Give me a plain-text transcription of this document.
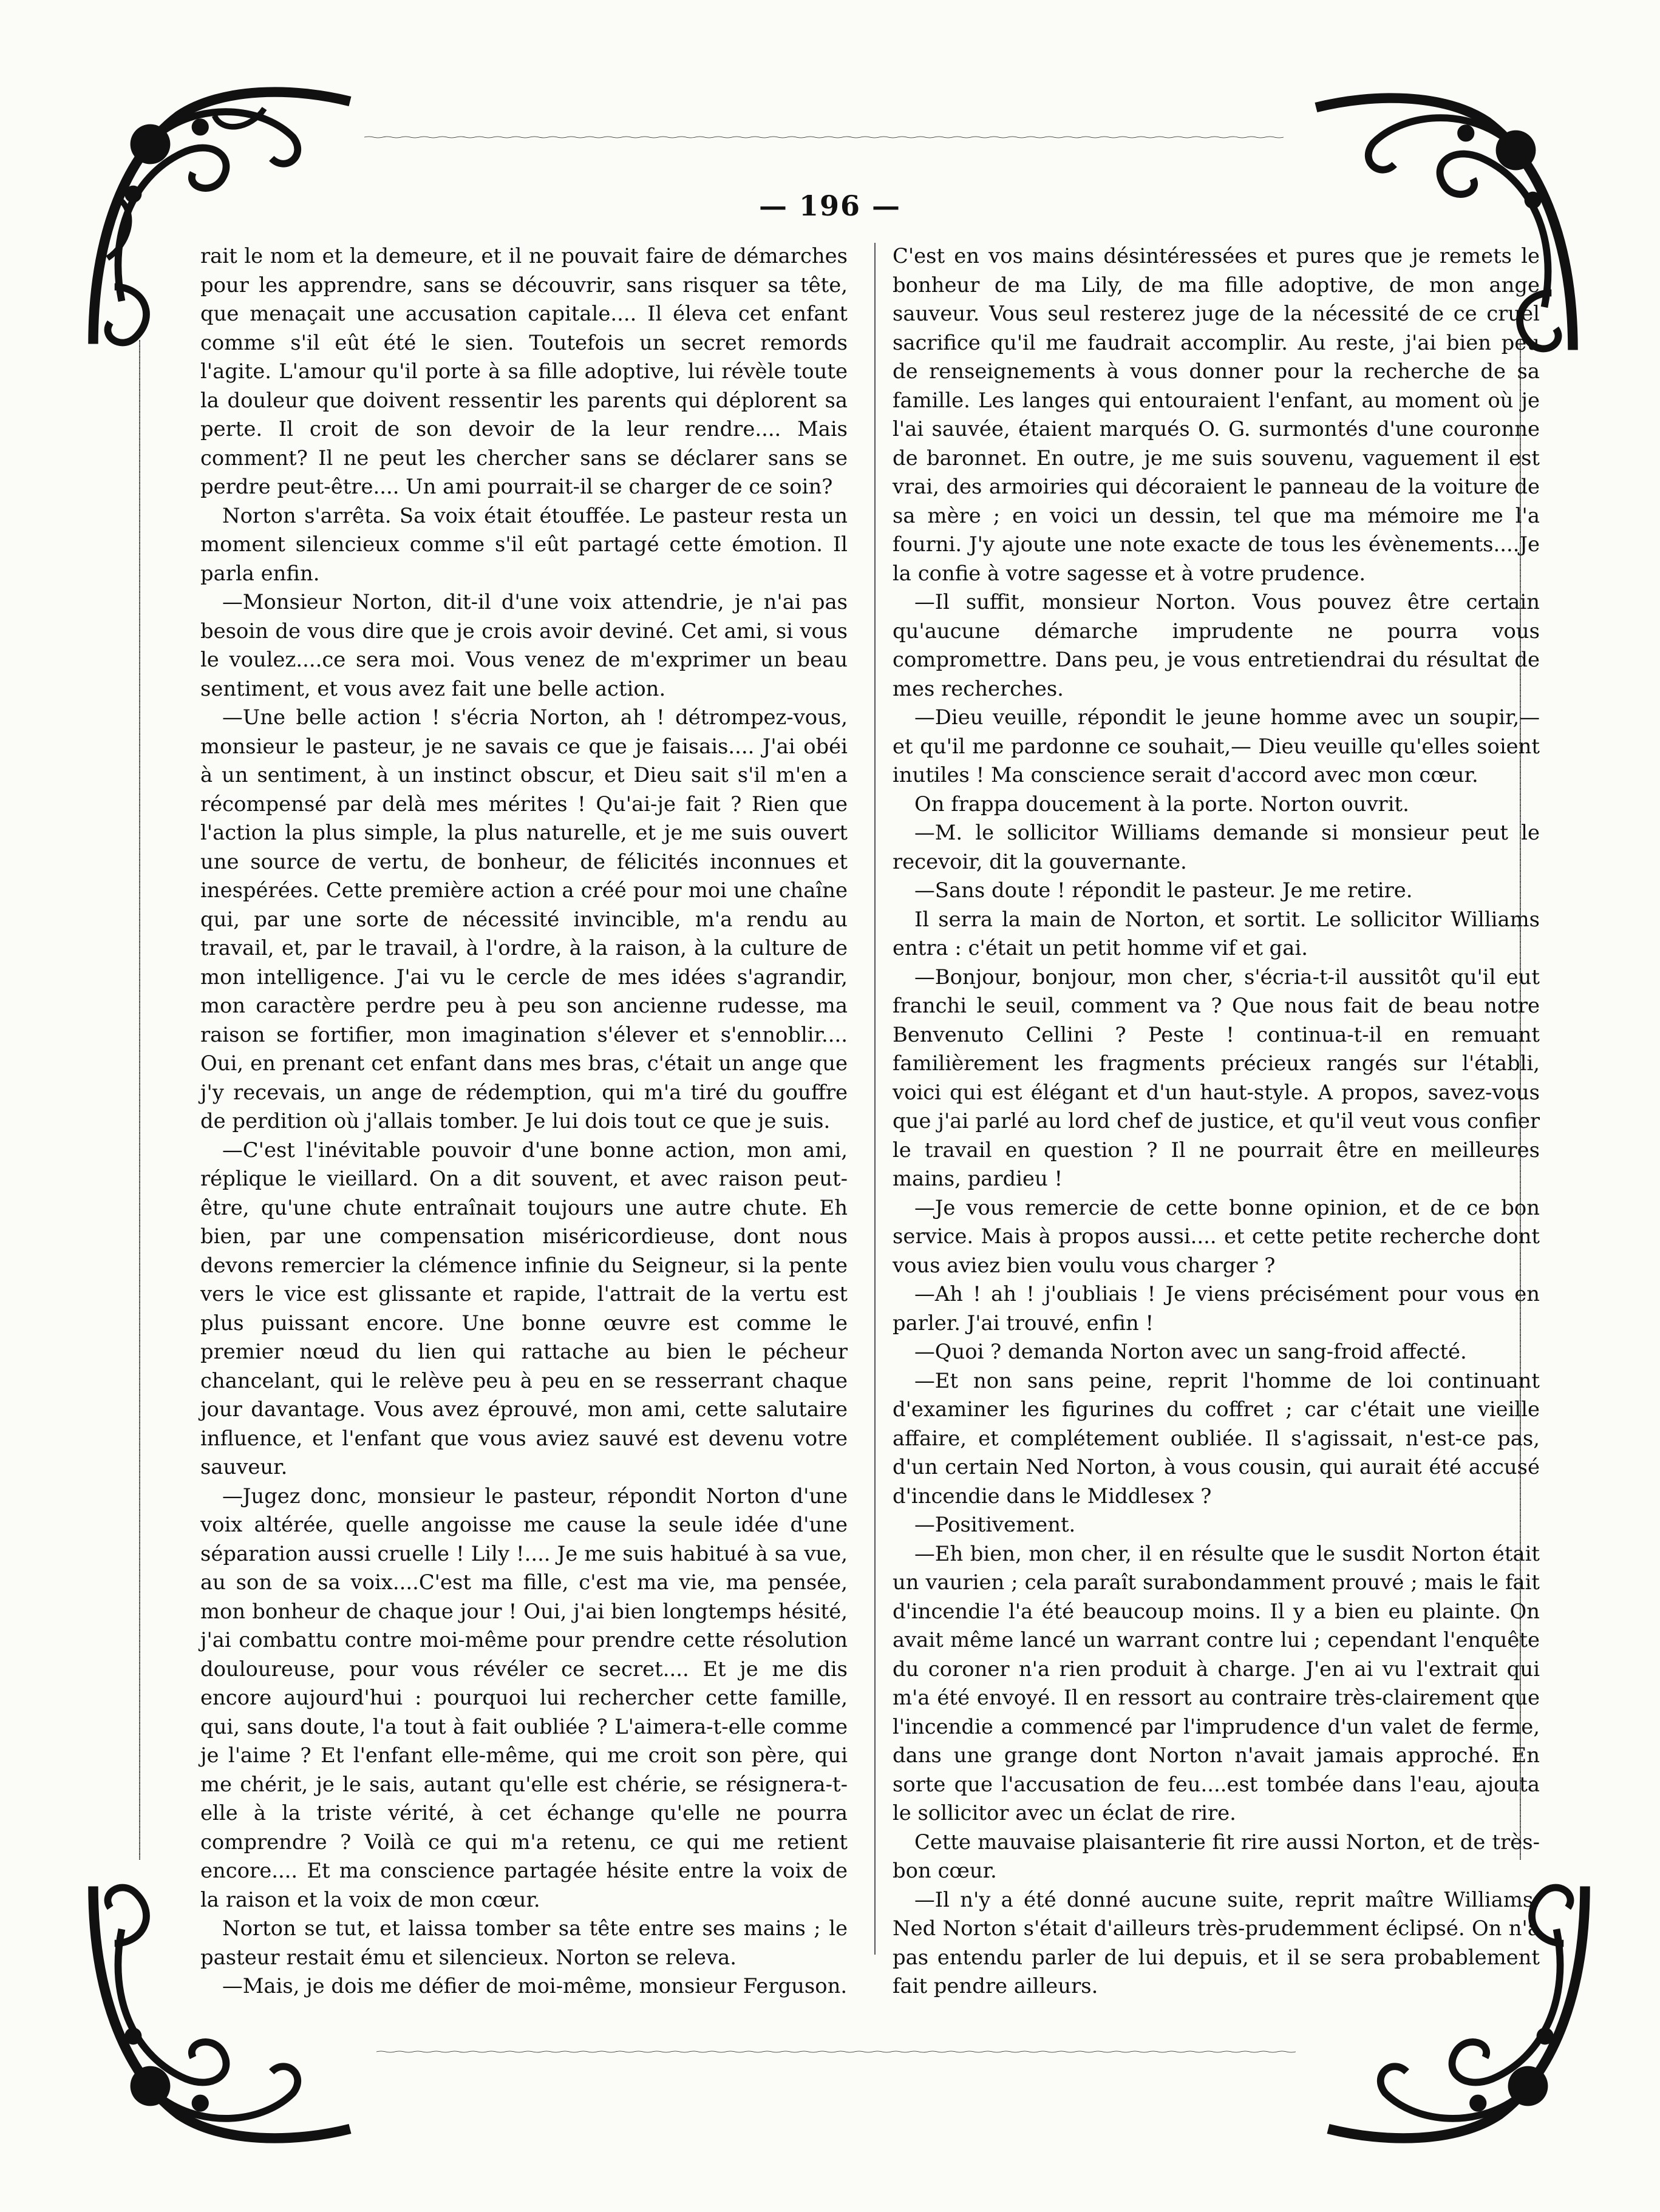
— 196 —

rait le nom et la demeure, et il ne pouvait faire de démarches pour les apprendre, sans se découvrir, sans risquer sa tête, que menaçait une accusation capitale.... Il éleva cet enfant comme s'il eût été le sien. Toutefois un secret remords l'agite. L'amour qu'il porte à sa fille adoptive, lui révèle toute la douleur que doivent ressentir les parents qui déplorent sa perte. Il croit de son devoir de la leur rendre.... Mais comment? Il ne peut les chercher sans se déclarer sans se perdre peut-être.... Un ami pourrait-il se charger de ce soin?

Norton s'arrêta. Sa voix était étouffée. Le pasteur resta un moment silencieux comme s'il eût partagé cette émotion. Il parla enfin.

—Monsieur Norton, dit-il d'une voix attendrie, je n'ai pas besoin de vous dire que je crois avoir deviné. Cet ami, si vous le voulez....ce sera moi. Vous venez de m'exprimer un beau sentiment, et vous avez fait une belle action.

—Une belle action ! s'écria Norton, ah ! détrompez-vous, monsieur le pasteur, je ne savais ce que je faisais.... J'ai obéi à un sentiment, à un instinct obscur, et Dieu sait s'il m'en a récompensé par delà mes mérites ! Qu'ai-je fait ? Rien que l'action la plus simple, la plus naturelle, et je me suis ouvert une source de vertu, de bonheur, de félicités inconnues et inespérées. Cette première action a créé pour moi une chaîne qui, par une sorte de nécessité invincible, m'a rendu au travail, et, par le travail, à l'ordre, à la raison, à la culture de mon intelligence. J'ai vu le cercle de mes idées s'agrandir, mon caractère perdre peu à peu son ancienne rudesse, ma raison se fortifier, mon imagination s'élever et s'ennoblir.... Oui, en prenant cet enfant dans mes bras, c'était un ange que j'y recevais, un ange de rédemption, qui m'a tiré du gouffre de perdition où j'allais tomber. Je lui dois tout ce que je suis.

—C'est l'inévitable pouvoir d'une bonne action, mon ami, réplique le vieillard. On a dit souvent, et avec raison peut-être, qu'une chute entraînait toujours une autre chute. Eh bien, par une compensation miséricordieuse, dont nous devons remercier la clémence infinie du Seigneur, si la pente vers le vice est glissante et rapide, l'attrait de la vertu est plus puissant encore. Une bonne œuvre est comme le premier nœud du lien qui rattache au bien le pécheur chancelant, qui le relève peu à peu en se resserrant chaque jour davantage. Vous avez éprouvé, mon ami, cette salutaire influence, et l'enfant que vous aviez sauvé est devenu votre sauveur.

—Jugez donc, monsieur le pasteur, répondit Norton d'une voix altérée, quelle angoisse me cause la seule idée d'une séparation aussi cruelle ! Lily !.... Je me suis habitué à sa vue, au son de sa voix....C'est ma fille, c'est ma vie, ma pensée, mon bonheur de chaque jour ! Oui, j'ai bien longtemps hésité, j'ai combattu contre moi-même pour prendre cette résolution douloureuse, pour vous révéler ce secret.... Et je me dis encore aujourd'hui : pourquoi lui rechercher cette famille, qui, sans doute, l'a tout à fait oubliée ? L'aimera-t-elle comme je l'aime ? Et l'enfant elle-même, qui me croit son père, qui me chérit, je le sais, autant qu'elle est chérie, se résignera-t-elle à la triste vérité, à cet échange qu'elle ne pourra comprendre ? Voilà ce qui m'a retenu, ce qui me retient encore.... Et ma conscience partagée hésite entre la voix de la raison et la voix de mon cœur.

Norton se tut, et laissa tomber sa tête entre ses mains ; le pasteur restait ému et silencieux. Norton se releva.

—Mais, je dois me défier de moi-même, monsieur Ferguson.

C'est en vos mains désintéressées et pures que je remets le bonheur de ma Lily, de ma fille adoptive, de mon ange sauveur. Vous seul resterez juge de la nécessité de ce cruel sacrifice qu'il me faudrait accomplir. Au reste, j'ai bien peu de renseignements à vous donner pour la recherche de sa famille. Les langes qui entouraient l'enfant, au moment où je l'ai sauvée, étaient marqués O. G. surmontés d'une couronne de baronnet. En outre, je me suis souvenu, vaguement il est vrai, des armoiries qui décoraient le panneau de la voiture de sa mère ; en voici un dessin, tel que ma mémoire me l'a fourni. J'y ajoute une note exacte de tous les évènements....Je la confie à votre sagesse et à votre prudence.

—Il suffit, monsieur Norton. Vous pouvez être certain qu'aucune démarche imprudente ne pourra vous compromettre. Dans peu, je vous entretiendrai du résultat de mes recherches.

—Dieu veuille, répondit le jeune homme avec un soupir,— et qu'il me pardonne ce souhait,— Dieu veuille qu'elles soient inutiles ! Ma conscience serait d'accord avec mon cœur.

On frappa doucement à la porte. Norton ouvrit.

—M. le sollicitor Williams demande si monsieur peut le recevoir, dit la gouvernante.

—Sans doute ! répondit le pasteur. Je me retire.

Il serra la main de Norton, et sortit. Le sollicitor Williams entra : c'était un petit homme vif et gai.

—Bonjour, bonjour, mon cher, s'écria-t-il aussitôt qu'il eut franchi le seuil, comment va ? Que nous fait de beau notre Benvenuto Cellini ? Peste ! continua-t-il en remuant familièrement les fragments précieux rangés sur l'établi, voici qui est élégant et d'un haut-style. A propos, savez-vous que j'ai parlé au lord chef de justice, et qu'il veut vous confier le travail en question ? Il ne pourrait être en meilleures mains, pardieu !

—Je vous remercie de cette bonne opinion, et de ce bon service. Mais à propos aussi.... et cette petite recherche dont vous aviez bien voulu vous charger ?

—Ah ! ah ! j'oubliais ! Je viens précisément pour vous en parler. J'ai trouvé, enfin !

—Quoi ? demanda Norton avec un sang-froid affecté.

—Et non sans peine, reprit l'homme de loi continuant d'examiner les figurines du coffret ; car c'était une vieille affaire, et complétement oubliée. Il s'agissait, n'est-ce pas, d'un certain Ned Norton, à vous cousin, qui aurait été accusé d'incendie dans le Middlesex ?

—Positivement.

—Eh bien, mon cher, il en résulte que le susdit Norton était un vaurien ; cela paraît surabondamment prouvé ; mais le fait d'incendie l'a été beaucoup moins. Il y a bien eu plainte. On avait même lancé un warrant contre lui ; cependant l'enquête du coroner n'a rien produit à charge. J'en ai vu l'extrait qui m'a été envoyé. Il en ressort au contraire très-clairement que l'incendie a commencé par l'imprudence d'un valet de ferme, dans une grange dont Norton n'avait jamais approché. En sorte que l'accusation de feu....est tombée dans l'eau, ajouta le sollicitor avec un éclat de rire.

Cette mauvaise plaisanterie fit rire aussi Norton, et de très-bon cœur.

—Il n'y a été donné aucune suite, reprit maître Williams. Ned Norton s'était d'ailleurs très-prudemment éclipsé. On n'a pas entendu parler de lui depuis, et il se sera probablement fait pendre ailleurs.
